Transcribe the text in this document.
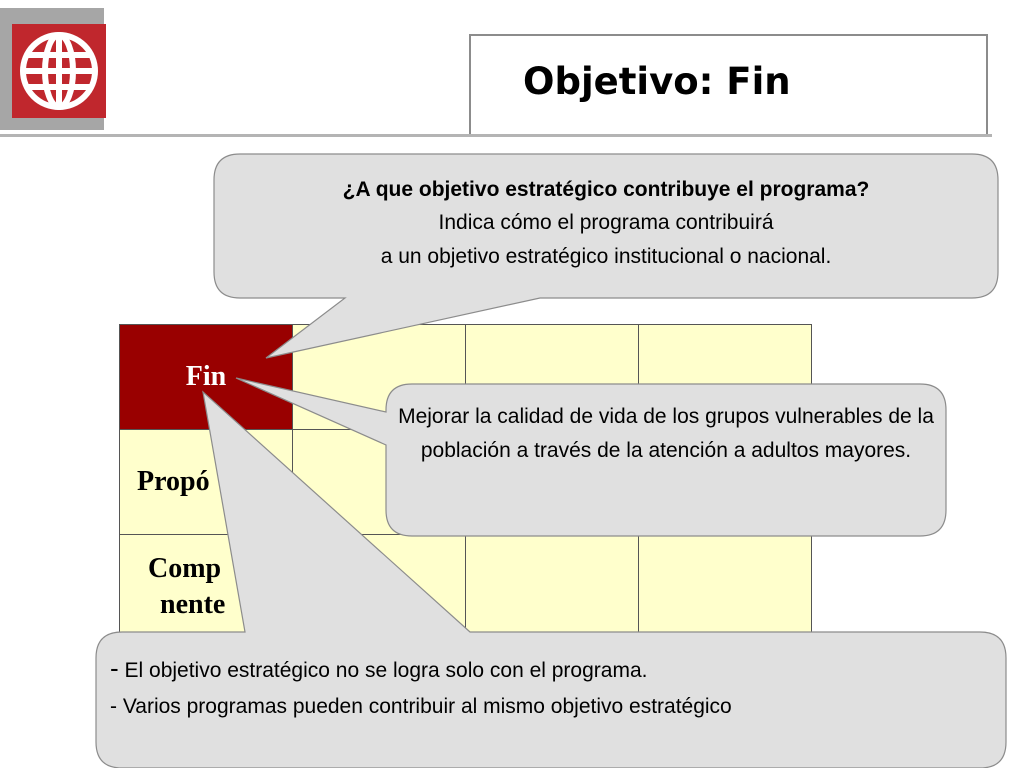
Objetivo: Fin
Fin
Propó
Comp
nente
¿A que objetivo estratégico contribuye el programa?
Indica cómo el programa contribuirá
a un objetivo estratégico institucional o nacional.
Mejorar la calidad de vida de los grupos vulnerables de la población a través de la atención a adultos mayores.
- El objetivo estratégico no se logra solo con el programa.
- Varios programas pueden contribuir al mismo objetivo estratégico
